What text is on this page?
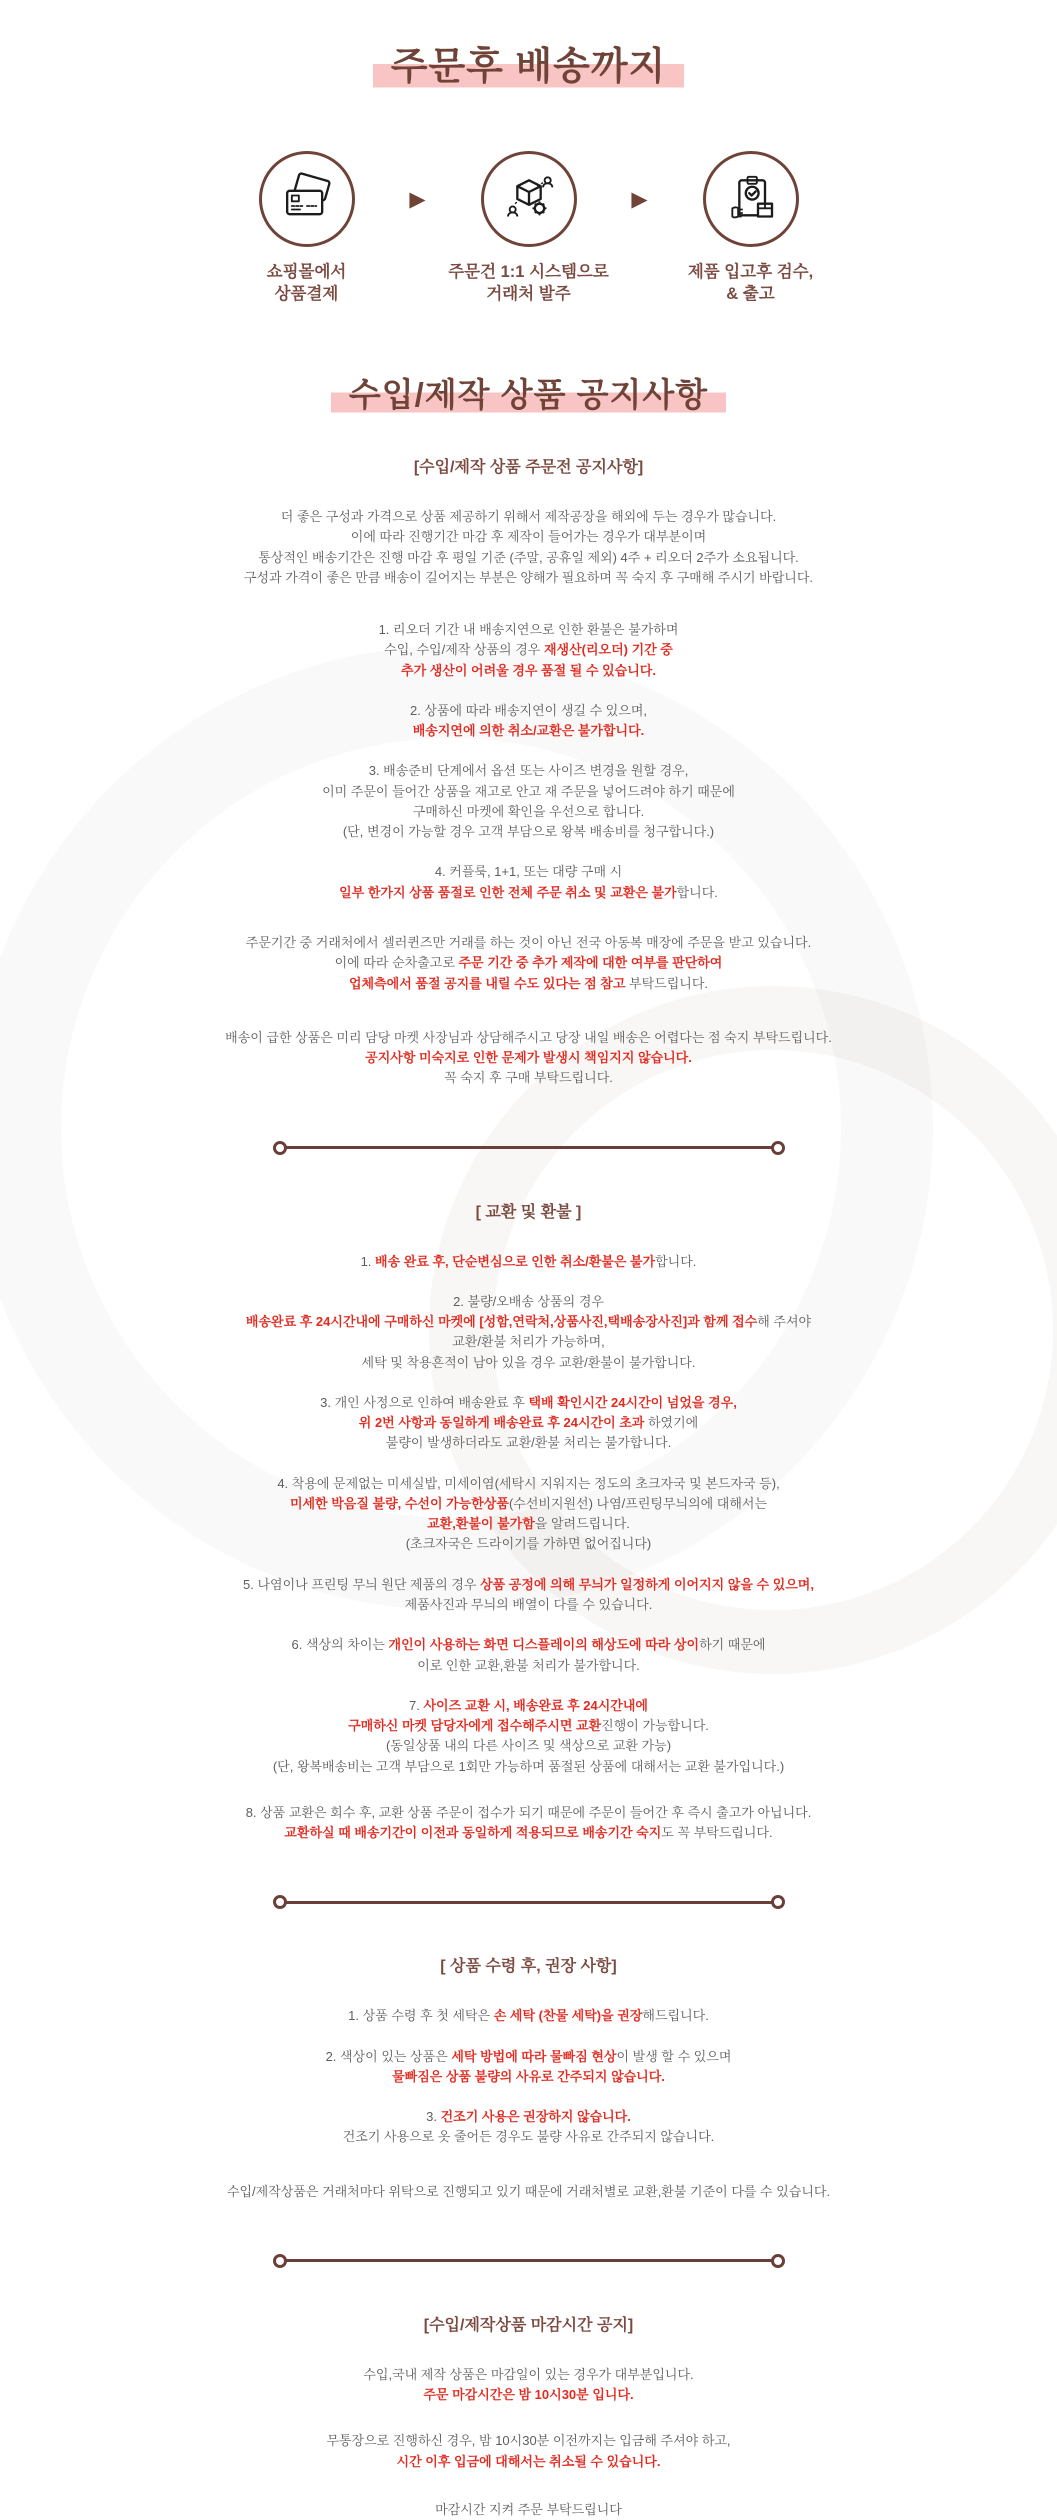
주문후 배송까지
쇼핑몰에서
상품결제
▶
주문건 1:1 시스템으로
거래처 발주
▶
제품 입고후 검수,
& 출고
수입/제작 상품 공지사항
[수입/제작 상품 주문전 공지사항]
더 좋은 구성과 가격으로 상품 제공하기 위해서 제작공장을 해외에 두는 경우가 많습니다.
이에 따라 진행기간 마감 후 제작이 들어가는 경우가 대부분이며
통상적인 배송기간은 진행 마감 후 평일 기준 (주말, 공휴일 제외) 4주 + 리오더 2주가 소요됩니다.
구성과 가격이 좋은 만큼 배송이 길어지는 부분은 양해가 필요하며 꼭 숙지 후 구매해 주시기 바랍니다.
1. 리오더 기간 내 배송지연으로 인한 환불은 불가하며
수입, 수입/제작 상품의 경우 재생산(리오더) 기간 중
추가 생산이 어려울 경우 품절 될 수 있습니다.
2. 상품에 따라 배송지연이 생길 수 있으며,
배송지연에 의한 취소/교환은 불가합니다.
3. 배송준비 단계에서 옵션 또는 사이즈 변경을 원할 경우,
이미 주문이 들어간 상품을 재고로 안고 재 주문을 넣어드려야 하기 때문에
구매하신 마켓에 확인을 우선으로 합니다.
(단, 변경이 가능할 경우 고객 부담으로 왕복 배송비를 청구합니다.)
4. 커플룩, 1+1, 또는 대량 구매 시
일부 한가지 상품 품절로 인한 전체 주문 취소 및 교환은 불가합니다.
주문기간 중 거래처에서 셀러퀸즈만 거래를 하는 것이 아닌 전국 아동복 매장에 주문을 받고 있습니다.
이에 따라 순차출고로 주문 기간 중 추가 제작에 대한 여부를 판단하여
업체측에서 품절 공지를 내릴 수도 있다는 점 참고 부탁드립니다.
배송이 급한 상품은 미리 담당 마켓 사장님과 상담해주시고 당장 내일 배송은 어렵다는 점 숙지 부탁드립니다.
공지사항 미숙지로 인한 문제가 발생시 책임지지 않습니다.
꼭 숙지 후 구매 부탁드립니다.
[ 교환 및 환불 ]
1. 배송 완료 후, 단순변심으로 인한 취소/환불은 불가합니다.
2. 불량/오배송 상품의 경우
배송완료 후 24시간내에 구매하신 마켓에 [성함,연락처,상품사진,택배송장사진]과 함께 접수해 주셔야
교환/환불 처리가 가능하며,
세탁 및 착용흔적이 남아 있을 경우 교환/환불이 불가합니다.
3. 개인 사정으로 인하여 배송완료 후 택배 확인시간 24시간이 넘었을 경우,
위 2번 사항과 동일하게 배송완료 후 24시간이 초과 하였기에
불량이 발생하더라도 교환/환불 처리는 불가합니다.
4. 착용에 문제없는 미세실밥, 미세이염(세탁시 지워지는 정도의 초크자국 및 본드자국 등),
미세한 박음질 불량, 수선이 가능한상품(수선비지원선) 나염/프린팅무늬의에 대해서는
교환,환불이 불가함을 알려드립니다.
(초크자국은 드라이기를 가하면 없어집니다)
5. 나염이나 프린팅 무늬 원단 제품의 경우 상품 공정에 의해 무늬가 일정하게 이어지지 않을 수 있으며,
제품사진과 무늬의 배열이 다를 수 있습니다.
6. 색상의 차이는 개인이 사용하는 화면 디스플레이의 해상도에 따라 상이하기 때문에
이로 인한 교환,환불 처리가 불가합니다.
7. 사이즈 교환 시, 배송완료 후 24시간내에
구매하신 마켓 담당자에게 접수해주시면 교환진행이 가능합니다.
(동일상품 내의 다른 사이즈 및 색상으로 교환 가능)
(단, 왕복배송비는 고객 부담으로 1회만 가능하며 품절된 상품에 대해서는 교환 불가입니다.)
8. 상품 교환은 회수 후, 교환 상품 주문이 접수가 되기 때문에 주문이 들어간 후 즉시 출고가 아닙니다.
교환하실 때 배송기간이 이전과 동일하게 적용되므로 배송기간 숙지도 꼭 부탁드립니다.
[ 상품 수령 후, 권장 사항]
1. 상품 수령 후 첫 세탁은 손 세탁 (찬물 세탁)을 권장해드립니다.
2. 색상이 있는 상품은 세탁 방법에 따라 물빠짐 현상이 발생 할 수 있으며
물빠짐은 상품 불량의 사유로 간주되지 않습니다.
3. 건조기 사용은 권장하지 않습니다.
건조기 사용으로 옷 줄어든 경우도 불량 사유로 간주되지 않습니다.
수입/제작상품은 거래처마다 위탁으로 진행되고 있기 때문에 거래처별로 교환,환불 기준이 다를 수 있습니다.
[수입/제작상품 마감시간 공지]
수입,국내 제작 상품은 마감일이 있는 경우가 대부분입니다.
주문 마감시간은 밤 10시30분 입니다.
무통장으로 진행하신 경우, 밤 10시30분 이전까지는 입금해 주셔야 하고,
시간 이후 입금에 대해서는 취소될 수 있습니다.
마감시간 지켜 주문 부탁드립니다
